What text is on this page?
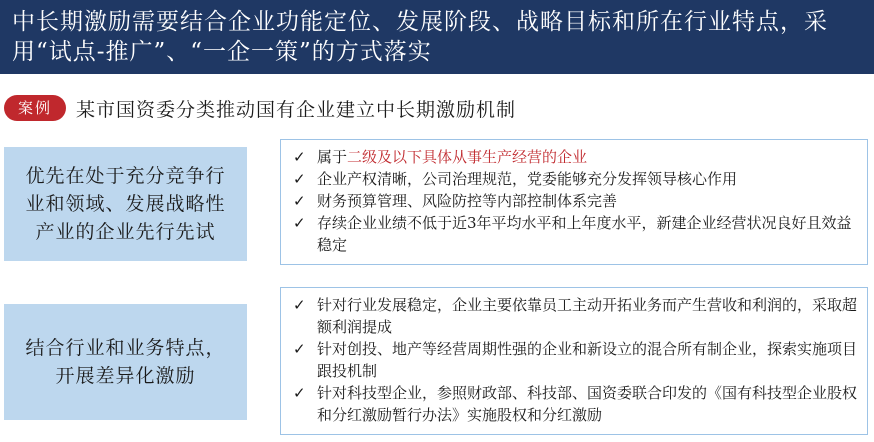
中长期激励需要结合企业功能定位、发展阶段、战略目标和所在行业特点，采用“试点-推广”、“一企一策”的方式落实
案例	某市国资委分类推动国有企业建立中长期激励机制
优先在处于充分竞争行
业和领域、发展战略性
产业的企业先行先试
✓ 属于二级及以下具体从事生产经营的企业
✓ 企业产权清晰，公司治理规范，党委能够充分发挥领导核心作用
✓ 财务预算管理、风险防控等内部控制体系完善
✓ 存续企业业绩不低于近3年平均水平和上年度水平，新建企业经营状况良好且效益稳定
结合行业和业务特点，
开展差异化激励
✓ 针对行业发展稳定，企业主要依靠员工主动开拓业务而产生营收和利润的，采取超额利润提成
✓ 针对创投、地产等经营周期性强的企业和新设立的混合所有制企业，探索实施项目跟投机制
✓ 针对科技型企业，参照财政部、科技部、国资委联合印发的《国有科技型企业股权和分红激励暂行办法》实施股权和分红激励
